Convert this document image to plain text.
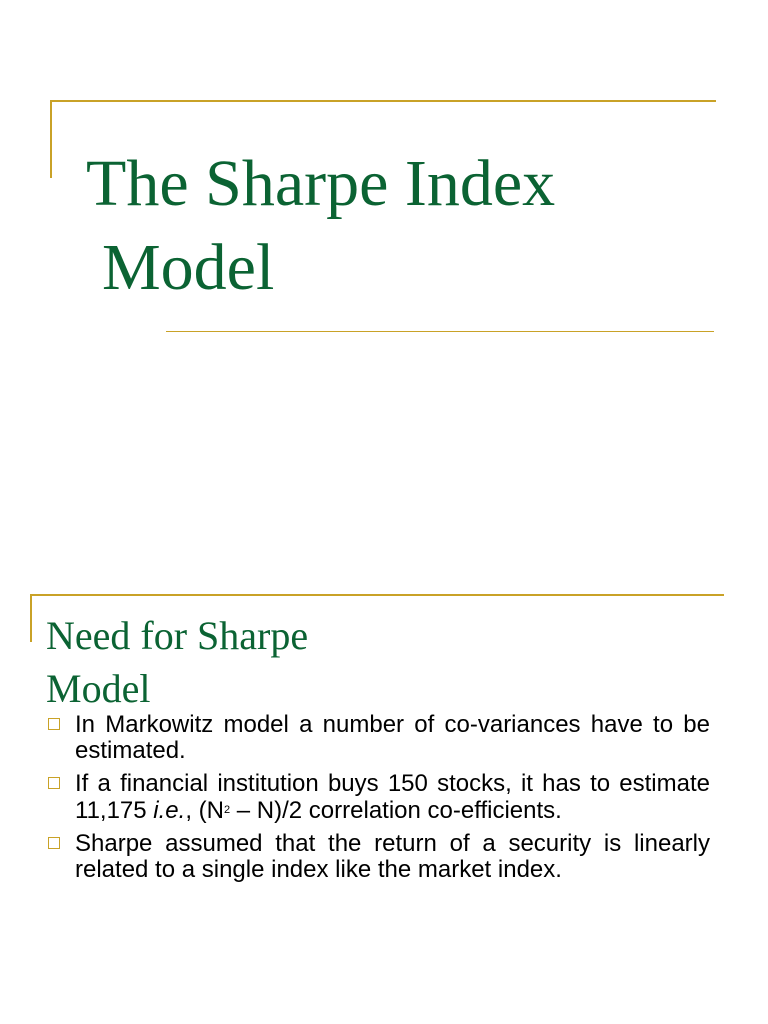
The Sharpe Index
Model
Need for Sharpe
Model
In Markowitz model a number of co-variances have to be estimated.
If a financial institution buys 150 stocks, it has to estimate 11,175 i.e., $(N^2 - N)/2$ correlation co-efficients.
Sharpe assumed that the return of a security is linearly related to a single index like the market index.
